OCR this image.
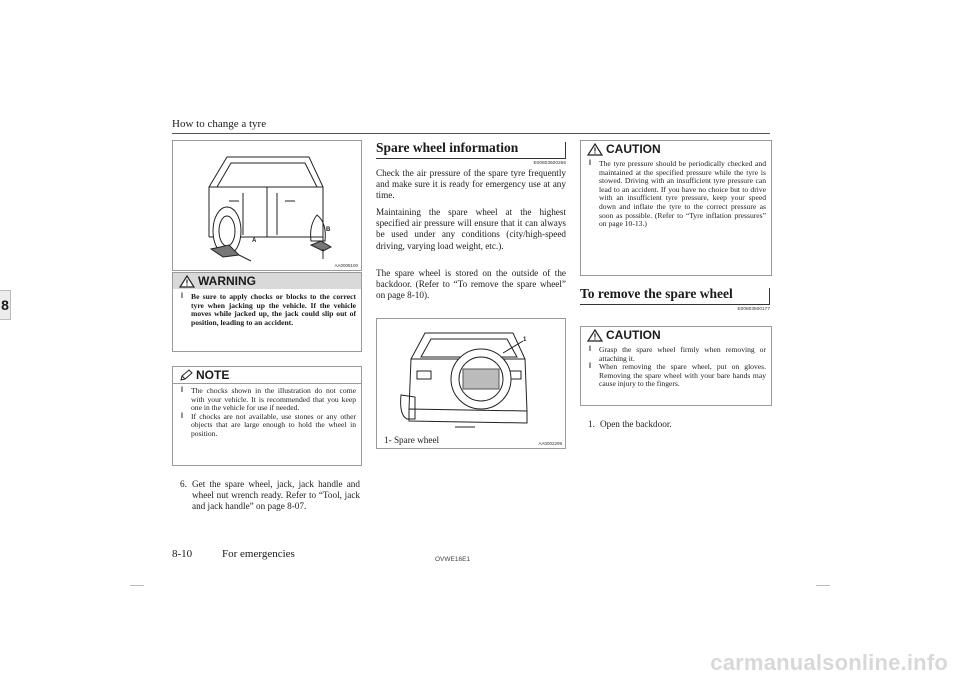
How to change a tyre
8
A
B
AA0008100
WARNING
l Be sure to apply chocks or blocks to the correct tyre when jacking up the vehicle. If the vehicle moves while jacked up, the jack could slip out of position, leading to an accident.
NOTE
l The chocks shown in the illustration do not come with your vehicle. It is recommended that you keep one in the vehicle for use if needed.
l If chocks are not available, use stones or any other objects that are large enough to hold the wheel in position.
6. Get the spare wheel, jack, jack handle and wheel nut wrench ready. Refer to “Tool, jack and jack handle” on page 8-07.
Spare wheel information
E00803600266
Check the air pressure of the spare tyre frequently and make sure it is ready for emergency use at any time.
Maintaining the spare wheel at the highest specified air pressure will ensure that it can always be used under any conditions (city/high-speed driving, varying load weight, etc.).
The spare wheel is stored on the outside of the backdoor. (Refer to “To remove the spare wheel” on page 8-10).
1
AA0002299
1- Spare wheel
CAUTION
l The tyre pressure should be periodically checked and maintained at the specified pressure while the tyre is stowed. Driving with an insufficient tyre pressure can lead to an accident. If you have no choice but to drive with an insufficient tyre pressure, keep your speed down and inflate the tyre to the correct pressure as soon as possible. (Refer to “Tyre inflation pressures” on page 10-13.)
To remove the spare wheel
E00803500177
CAUTION
l Grasp the spare wheel firmly when removing or attaching it.
l When removing the spare wheel, put on gloves. Removing the spare wheel with your bare hands may cause injury to the fingers.
1. Open the backdoor.
8-10	For emergencies	OVWE16E1
carmanualsonline.info
